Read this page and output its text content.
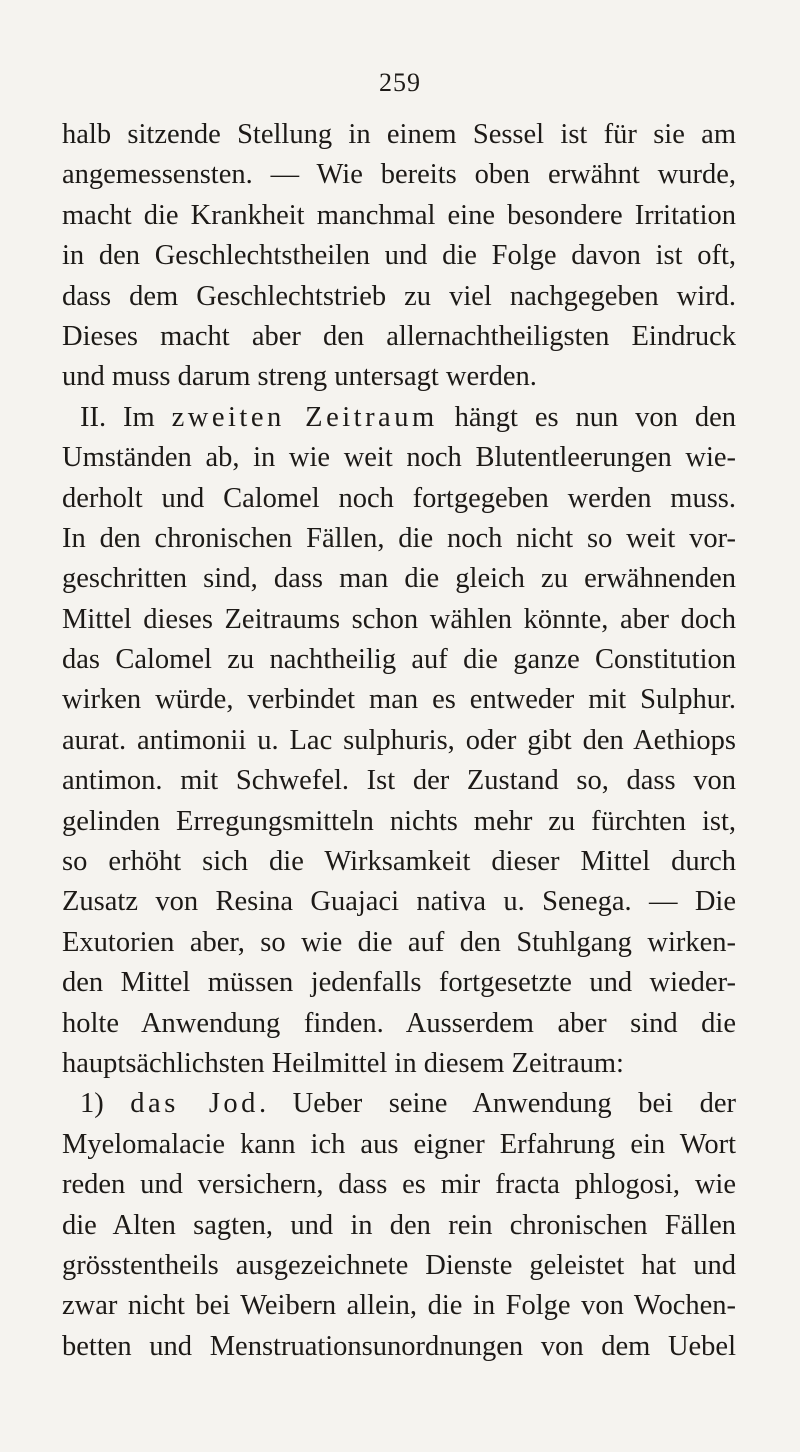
259
halb sitzende Stellung in einem Sessel ist für sie am
angemessensten. — Wie bereits oben erwähnt wurde,
macht die Krankheit manchmal eine besondere Irritation
in den Geschlechtstheilen und die Folge davon ist oft,
dass dem Geschlechtstrieb zu viel nachgegeben wird.
Dieses macht aber den allernachtheiligsten Eindruck
und muss darum streng untersagt werden.
II. Im zweiten Zeitraum hängt es nun von den
Umständen ab, in wie weit noch Blutentleerungen wie-
derholt und Calomel noch fortgegeben werden muss.
In den chronischen Fällen, die noch nicht so weit vor-
geschritten sind, dass man die gleich zu erwähnenden
Mittel dieses Zeitraums schon wählen könnte, aber doch
das Calomel zu nachtheilig auf die ganze Constitution
wirken würde, verbindet man es entweder mit Sulphur.
aurat. antimonii u. Lac sulphuris, oder gibt den Aethiops
antimon. mit Schwefel. Ist der Zustand so, dass von
gelinden Erregungsmitteln nichts mehr zu fürchten ist,
so erhöht sich die Wirksamkeit dieser Mittel durch
Zusatz von Resina Guajaci nativa u. Senega. — Die
Exutorien aber, so wie die auf den Stuhlgang wirken-
den Mittel müssen jedenfalls fortgesetzte und wieder-
holte Anwendung finden. Ausserdem aber sind die
hauptsächlichsten Heilmittel in diesem Zeitraum:
1) das Jod. Ueber seine Anwendung bei der
Myelomalacie kann ich aus eigner Erfahrung ein Wort
reden und versichern, dass es mir fracta phlogosi, wie
die Alten sagten, und in den rein chronischen Fällen
grösstentheils ausgezeichnete Dienste geleistet hat und
zwar nicht bei Weibern allein, die in Folge von Wochen-
betten und Menstruationsunordnungen von dem Uebel
